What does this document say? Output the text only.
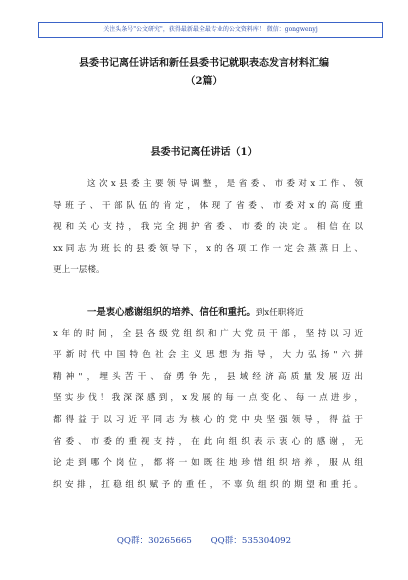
关注头条号"公文研究"，获得最新最全最专业的公文资料库！ 微信：gongwenyj
县委书记离任讲话和新任县委书记就职表态发言材料汇编
（2篇）
县委书记离任讲话（1）
这次x县委主要领导调整，是省委、市委对x工作、领
导班子、干部队伍的肯定，体现了省委、市委对x的高度重
视和关心支持，我完全拥护省委、市委的决定。相信在以
xx同志为班长的县委领导下，x的各项工作一定会蒸蒸日上、
更上一层楼。
一是衷心感谢组织的培养、信任和重托。到x任职将近
x年的时间，全县各级党组织和广大党员干部，坚持以习近
平新时代中国特色社会主义思想为指导，大力弘扬"六拼
精神"，埋头苦干、奋勇争先，县域经济高质量发展迈出
坚实步伐！我深深感到，x发展的每一点变化、每一点进步，
都得益于以习近平同志为核心的党中央坚强领导，得益于
省委、市委的重视支持，在此向组织表示衷心的感谢，无
论走到哪个岗位，都将一如既往地珍惜组织培养，服从组
织安排，扛稳组织赋予的重任，不辜负组织的期望和重托。
QQ群：30265665 QQ群：535304092
